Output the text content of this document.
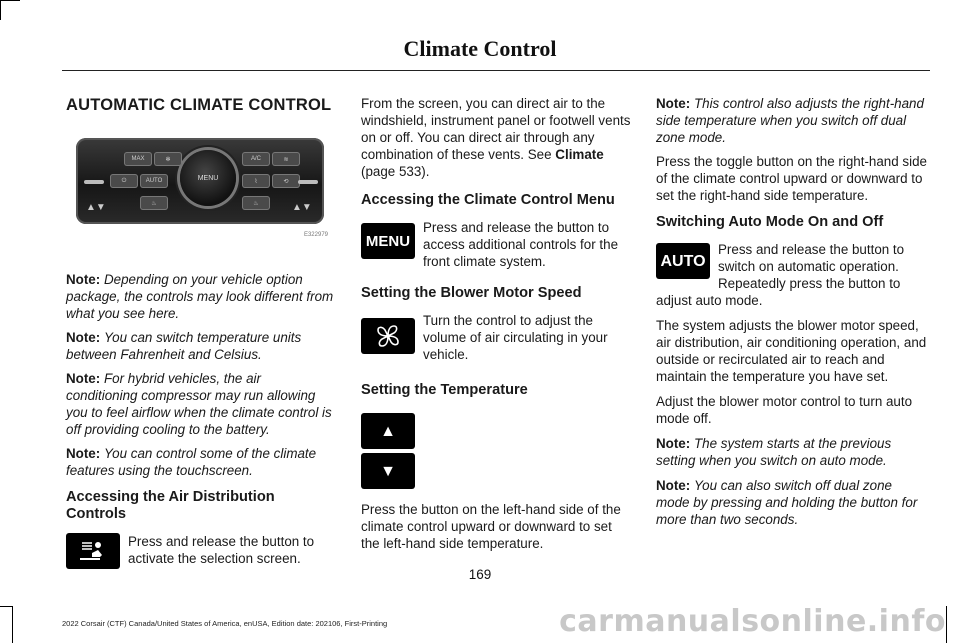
Climate Control
AUTOMATIC CLIMATE CONTROL
MENU
MAX	✻	A/C	≋
⏻	AUTO	⌇	⟲
♨	♨
▲▼	▲▼
E322979

Note: Depending on your vehicle option package, the controls may look different from what you see here.

Note: You can switch temperature units between Fahrenheit and Celsius.

Note: For hybrid vehicles, the air conditioning compressor may run allowing you to feel airflow when the climate control is off providing cooling to the battery.

Note: You can control some of the climate features using the touchscreen.

Accessing the Air Distribution Controls

Press and release the button to activate the selection screen.

From the screen, you can direct air to the windshield, instrument panel or footwell vents on or off. You can direct air through any combination of these vents. See Climate (page 533).

Accessing the Climate Control Menu
MENU

Press and release the button to access additional controls for the front climate system.

Setting the Blower Motor Speed

Turn the control to adjust the volume of air circulating in your vehicle.

Setting the Temperature
▲
▼

Press the button on the left-hand side of the climate control upward or downward to set the left-hand side temperature.

Note: This control also adjusts the right-hand side temperature when you switch off dual zone mode.

Press the toggle button on the right-hand side of the climate control upward or downward to set the right-hand side temperature.

Switching Auto Mode On and Off
AUTO

Press and release the button to switch on automatic operation. Repeatedly press the button to adjust auto mode.

The system adjusts the blower motor speed, air distribution, air conditioning operation, and outside or recirculated air to reach and maintain the temperature you have set.

Adjust the blower motor control to turn auto mode off.

Note: The system starts at the previous setting when you switch on auto mode.

Note: You can also switch off dual zone mode by pressing and holding the button for more than two seconds.

169
2022 Corsair (CTF) Canada/United States of America, enUSA, Edition date: 202106, First-Printing	carmanualsonline.info
